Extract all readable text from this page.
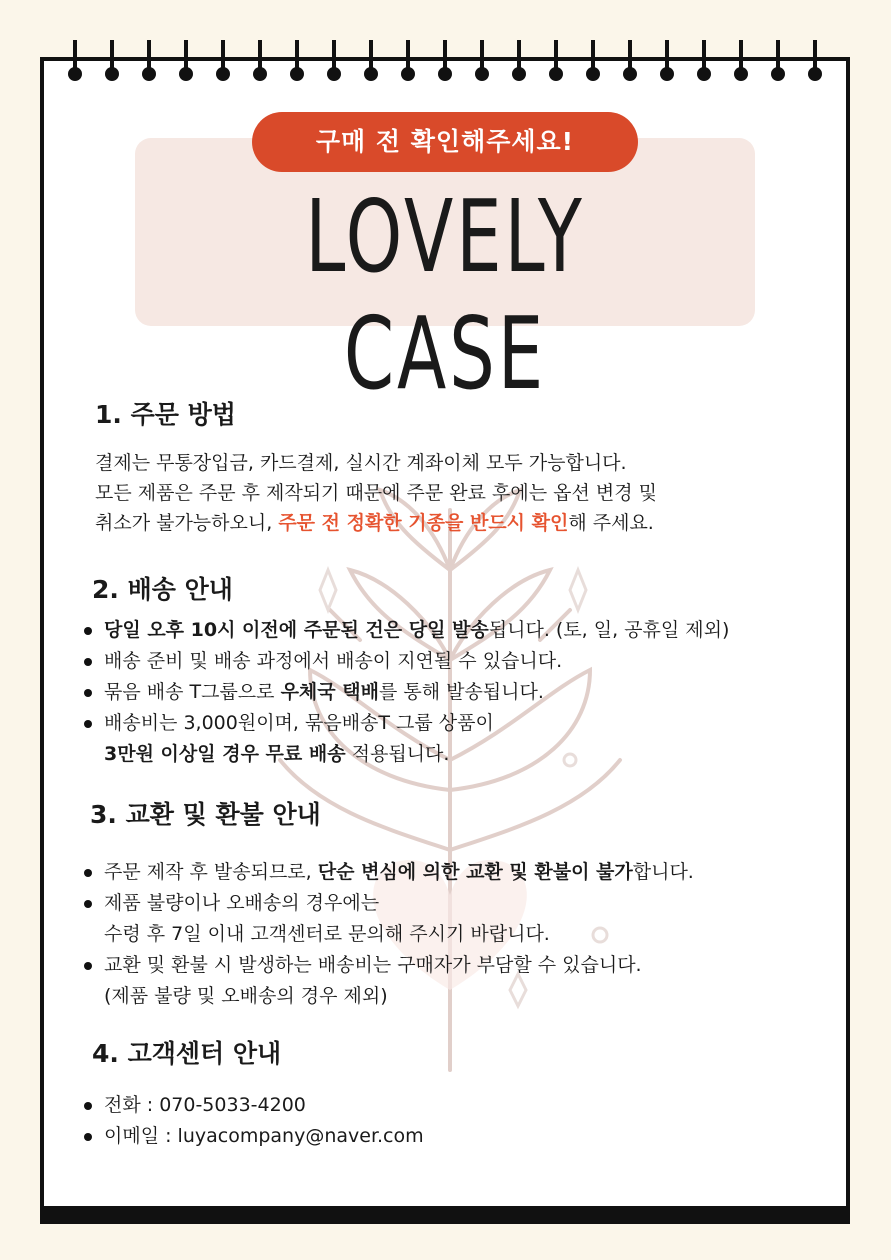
구매 전 확인해주세요!
LOVELY CASE
1. 주문 방법

결제는 무통장입금, 카드결제, 실시간 계좌이체 모두 가능합니다.

모든 제품은 주문 후 제작되기 때문에 주문 완료 후에는 옵션 변경 및

취소가 불가능하오니, 주문 전 정확한 기종을 반드시 확인해 주세요.

2. 배송 안내
당일 오후 10시 이전에 주문된 건은 당일 발송됩니다. (토, 일, 공휴일 제외)
배송 준비 및 배송 과정에서 배송이 지연될 수 있습니다.
묶음 배송 T그룹으로 우체국 택배를 통해 발송됩니다.
배송비는 3,000원이며, 묶음배송T 그룹 상품이
3만원 이상일 경우 무료 배송 적용됩니다.
3. 교환 및 환불 안내
주문 제작 후 발송되므로, 단순 변심에 의한 교환 및 환불이 불가합니다.
제품 불량이나 오배송의 경우에는
수령 후 7일 이내 고객센터로 문의해 주시기 바랍니다.
교환 및 환불 시 발생하는 배송비는 구매자가 부담할 수 있습니다.
(제품 불량 및 오배송의 경우 제외)
4. 고객센터 안내
전화 : 070-5033-4200
이메일 : luyacompany@naver.com
